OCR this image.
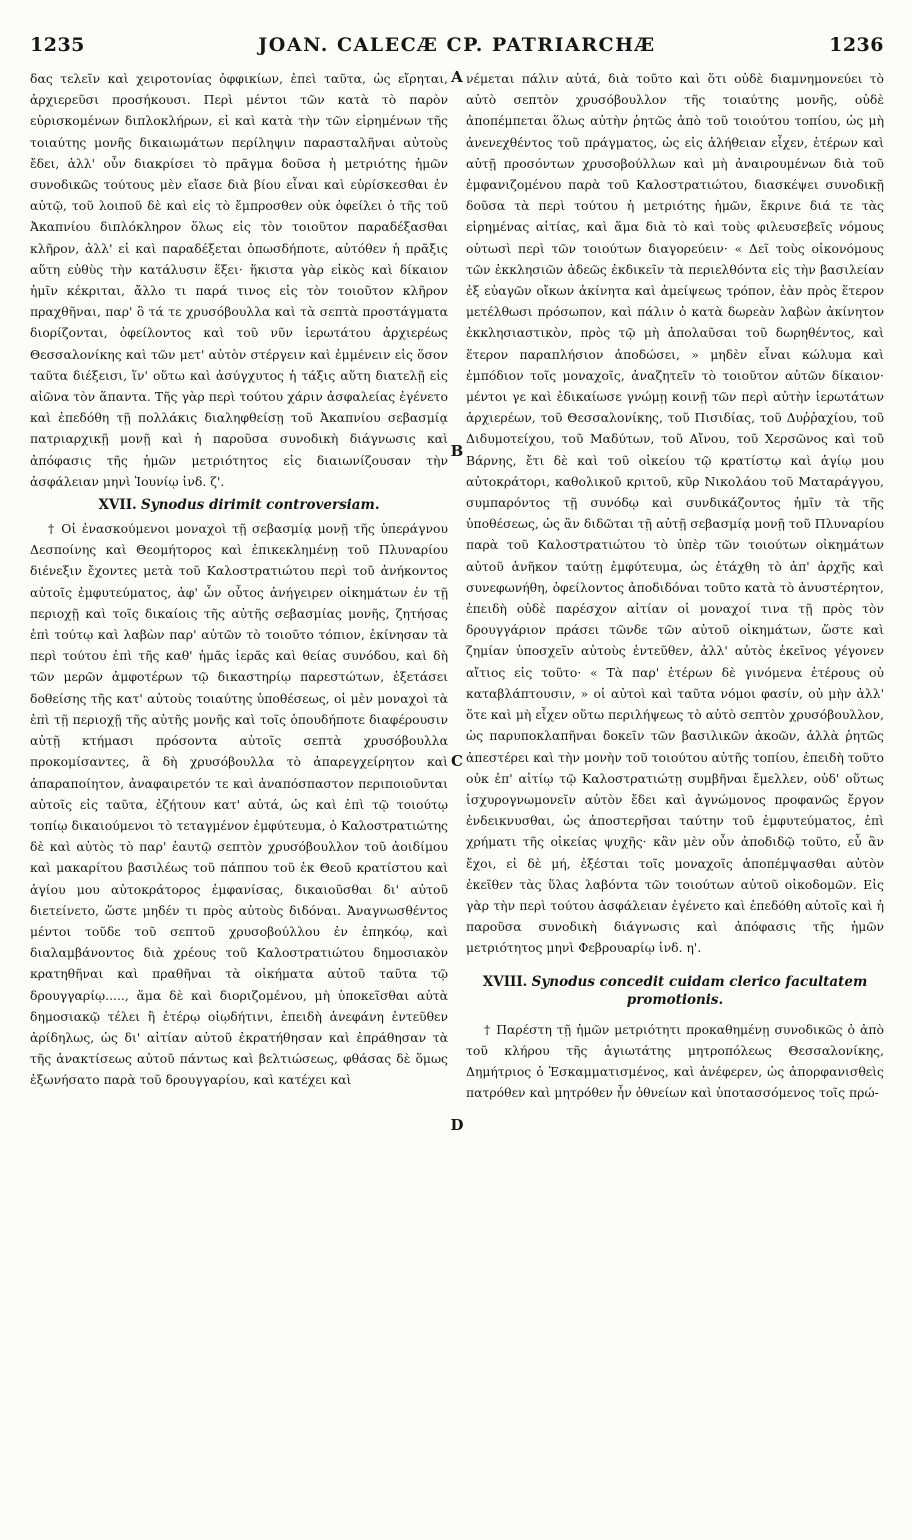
1235	JOAN. CALECÆ CP. PATRIARCHÆ	1236
A
B
C
D

δας τελεῖν καὶ χειροτονίας ὀφφικίων, ἐπεὶ ταῦτα, ὡς εἴρηται, ἀρχιερεῦσι προσήκουσι. Περὶ μέντοι τῶν κατὰ τὸ παρὸν εὑρισκομένων διπλοκλήρων, εἰ καὶ κατὰ τὴν τῶν εἰρημένων τῆς τοιαύτης μονῆς δικαιωμάτων περίληψιν παρασταλῆναι αὐτοὺς ἔδει, ἀλλ' οὖν διακρίσει τὸ πρᾶγμα δοῦσα ἡ μετριότης ἡμῶν συνοδικῶς τούτους μὲν εἴασε διὰ βίου εἶναι καὶ εὑρίσκεσθαι ἐν αὐτῷ, τοῦ λοιποῦ δὲ καὶ εἰς τὸ ἔμπροσθεν οὐκ ὀφείλει ὁ τῆς τοῦ Ἀκαπνίου διπλόκληρον ὅλως εἰς τὸν τοιοῦτον παραδέξασθαι κλῆρον, ἀλλ' εἰ καὶ παραδέξεται ὁπωσδήποτε, αὐτόθεν ἡ πρᾶξις αὕτη εὐθὺς τὴν κατάλυσιν ἕξει· ἥκιστα γὰρ εἰκὸς καὶ δίκαιον ἡμῖν κέκριται, ἄλλο τι παρά τινος εἰς τὸν τοιοῦτον κλῆρον πραχθῆναι, παρ' ὃ τά τε χρυσόβουλλα καὶ τὰ σεπτὰ προστάγματα διορίζονται, ὀφείλοντος καὶ τοῦ νῦν ἱερωτάτου ἀρχιερέως Θεσσαλονίκης καὶ τῶν μετ' αὐτὸν στέργειν καὶ ἐμμένειν εἰς ὅσον ταῦτα διέξεισι, ἵν' οὕτω καὶ ἀσύγχυτος ἡ τάξις αὕτη διατελῇ εἰς αἰῶνα τὸν ἅπαντα. Τῆς γὰρ περὶ τούτου χάριν ἀσφαλείας ἐγένετο καὶ ἐπεδόθη τῇ πολλάκις διαληφθείσῃ τοῦ Ἀκαπνίου σεβασμίᾳ πατριαρχικῇ μονῇ καὶ ἡ παροῦσα συνοδικὴ διάγνωσις καὶ ἀπόφασις τῆς ἡμῶν μετριότητος εἰς διαιωνίζουσαν τὴν ἀσφάλειαν μηνὶ Ἰουνίῳ ἰνδ. ζ'.

XVII. Synodus dirimit controversiam.

† Οἱ ἐνασκούμενοι μοναχοὶ τῇ σεβασμίᾳ μονῇ τῆς ὑπεράγνου Δεσποίνης καὶ Θεομήτορος καὶ ἐπικεκλημένῃ τοῦ Πλυναρίου διένεξιν ἔχοντες μετὰ τοῦ Καλοστρατιώτου περὶ τοῦ ἀνήκοντος αὐτοῖς ἐμφυτεύματος, ἀφ' ὧν οὗτος ἀνήγειρεν οἰκημάτων ἐν τῇ περιοχῇ καὶ τοῖς δικαίοις τῆς αὐτῆς σεβασμίας μονῆς, ζητήσας ἐπὶ τούτῳ καὶ λαβὼν παρ' αὐτῶν τὸ τοιοῦτο τόπιον, ἐκίνησαν τὰ περὶ τούτου ἐπὶ τῆς καθ' ἡμᾶς ἱερᾶς καὶ θείας συνόδου, καὶ δὴ τῶν μερῶν ἀμφοτέρων τῷ δικαστηρίῳ παρεστώτων, ἐξετάσει δοθείσης τῆς κατ' αὐτοὺς τοιαύτης ὑποθέσεως, οἱ μὲν μοναχοὶ τὰ ἐπὶ τῇ περιοχῇ τῆς αὐτῆς μονῆς καὶ τοῖς ὁπουδήποτε διαφέρουσιν αὐτῇ κτήμασι πρόσοντα αὐτοῖς σεπτὰ χρυσόβουλλα προκομίσαντες, ἃ δὴ χρυσόβουλλα τὸ ἀπαρεγχείρητον καὶ ἀπαραποίητον, ἀναφαιρετόν τε καὶ ἀναπόσπαστον περιποιοῦνται αὐτοῖς εἰς ταῦτα, ἐζήτουν κατ' αὐτά, ὡς καὶ ἐπὶ τῷ τοιούτῳ τοπίῳ δικαιούμενοι τὸ τεταγμένον ἐμφύτευμα, ὁ Καλοστρατιώτης δὲ καὶ αὐτὸς τὸ παρ' ἑαυτῷ σεπτὸν χρυσόβουλλον τοῦ ἀοιδίμου καὶ μακαρίτου βασιλέως τοῦ πάππου τοῦ ἐκ Θεοῦ κρατίστου καὶ ἁγίου μου αὐτοκράτορος ἐμφανίσας, δικαιοῦσθαι δι' αὐτοῦ διετείνετο, ὥστε μηδέν τι πρὸς αὐτοὺς διδόναι. Ἀναγνωσθέντος μέντοι τοῦδε τοῦ σεπτοῦ χρυσοβούλλου ἐν ἐπηκόῳ, καὶ διαλαμβάνοντος διὰ χρέους τοῦ Καλοστρατιώτου δημοσιακὸν κρατηθῆναι καὶ πραθῆναι τὰ οἰκήματα αὐτοῦ ταῦτα τῷ δρουγγαρίῳ....., ἅμα δὲ καὶ διοριζομένου, μὴ ὑποκεῖσθαι αὐτὰ δημοσιακῷ τέλει ἢ ἑτέρῳ οἱῳδήτινι, ἐπειδὴ ἀνεφάνη ἐντεῦθεν ἀρίδηλως, ὡς δι' αἰτίαν αὐτοῦ ἐκρατήθησαν καὶ ἐπράθησαν τὰ τῆς ἀνακτίσεως αὐτοῦ πάντως καὶ βελτιώσεως, φθάσας δὲ ὅμως ἐξωνήσατο παρὰ τοῦ δρουγγαρίου, καὶ κατέχει καὶ

νέμεται πάλιν αὐτά, διὰ τοῦτο καὶ ὅτι οὐδὲ διαμνημονεύει τὸ αὐτὸ σεπτὸν χρυσόβουλλον τῆς τοιαύτης μονῆς, οὐδὲ ἀποπέμπεται ὅλως αὐτὴν ῥητῶς ἀπὸ τοῦ τοιούτου τοπίου, ὡς μὴ ἀνενεχθέντος τοῦ πράγματος, ὡς εἰς ἀλήθειαν εἶχεν, ἑτέρων καὶ αὐτῇ προσόντων χρυσοβούλλων καὶ μὴ ἀναιρουμένων διὰ τοῦ ἐμφανιζομένου παρὰ τοῦ Καλοστρατιώτου, διασκέψει συνοδικῇ δοῦσα τὰ περὶ τούτου ἡ μετριότης ἡμῶν, ἔκρινε διά τε τὰς εἰρημένας αἰτίας, καὶ ἅμα διὰ τὸ καὶ τοὺς φιλευσεβεῖς νόμους οὑτωσὶ περὶ τῶν τοιούτων διαγορεύειν· « Δεῖ τοὺς οἰκονόμους τῶν ἐκκλησιῶν ἀδεῶς ἐκδικεῖν τὰ περιελθόντα εἰς τὴν βασιλείαν ἐξ εὐαγῶν οἴκων ἀκίνητα καὶ ἀμείψεως τρόπον, ἐὰν πρὸς ἕτερον μετέλθωσι πρόσωπον, καὶ πάλιν ὁ κατὰ δωρεὰν λαβὼν ἀκίνητον ἐκκλησιαστικὸν, πρὸς τῷ μὴ ἀπολαῦσαι τοῦ δωρηθέντος, καὶ ἕτερον παραπλήσιον ἀποδώσει, » μηδὲν εἶναι κώλυμα καὶ ἐμπόδιον τοῖς μοναχοῖς, ἀναζητεῖν τὸ τοιοῦτον αὐτῶν δίκαιον· μέντοι γε καὶ ἐδικαίωσε γνώμῃ κοινῇ τῶν περὶ αὐτὴν ἱερωτάτων ἀρχιερέων, τοῦ Θεσσαλονίκης, τοῦ Πισιδίας, τοῦ Δυῤῥαχίου, τοῦ Διδυμοτείχου, τοῦ Μαδύτων, τοῦ Αἴνου, τοῦ Χερσῶνος καὶ τοῦ Βάρνης, ἔτι δὲ καὶ τοῦ οἰκείου τῷ κρατίστῳ καὶ ἁγίῳ μου αὐτοκράτορι, καθολικοῦ κριτοῦ, κῦρ Νικολάου τοῦ Ματαράγγου, συμπαρόντος τῇ συνόδῳ καὶ συνδικάζοντος ἡμῖν τὰ τῆς ὑποθέσεως, ὡς ἂν διδῶται τῇ αὐτῇ σεβασμίᾳ μονῇ τοῦ Πλυναρίου παρὰ τοῦ Καλοστρατιώτου τὸ ὑπὲρ τῶν τοιούτων οἰκημάτων αὐτοῦ ἀνῆκον ταύτῃ ἐμφύτευμα, ὡς ἐτάχθη τὸ ἀπ' ἀρχῆς καὶ συνεφωνήθη, ὀφείλοντος ἀποδιδόναι τοῦτο κατὰ τὸ ἀνυστέρητον, ἐπειδὴ οὐδὲ παρέσχον αἰτίαν οἱ μοναχοί τινα τῇ πρὸς τὸν δρουγγάριον πράσει τῶνδε τῶν αὐτοῦ οἰκημάτων, ὥστε καὶ ζημίαν ὑποσχεῖν αὐτοὺς ἐντεῦθεν, ἀλλ' αὐτὸς ἐκεῖνος γέγονεν αἴτιος εἰς τοῦτο· « Τὰ παρ' ἑτέρων δὲ γινόμενα ἑτέρους οὐ καταβλάπτουσιν, » οἱ αὐτοὶ καὶ ταῦτα νόμοι φασίν, οὐ μὴν ἀλλ' ὅτε καὶ μὴ εἶχεν οὕτω περιλήψεως τὸ αὐτὸ σεπτὸν χρυσόβουλλον, ὡς παρυποκλαπῆναι δοκεῖν τῶν βασιλικῶν ἀκοῶν, ἀλλὰ ῥητῶς ἀπεστέρει καὶ τὴν μονὴν τοῦ τοιούτου αὐτῆς τοπίου, ἐπειδὴ τοῦτο οὐκ ἐπ' αἰτίῳ τῷ Καλοστρατιώτῃ συμβῆναι ἔμελλεν, οὐδ' οὕτως ἰσχυρογνωμονεῖν αὐτὸν ἔδει καὶ ἀγνώμονος προφανῶς ἔργον ἐνδεικνυσθαι, ὡς ἀποστερῆσαι ταύτην τοῦ ἐμφυτεύματος, ἐπὶ χρήματι τῆς οἰκείας ψυχῆς· κἂν μὲν οὖν ἀποδιδῷ τοῦτο, εὖ ἂν ἔχοι, εἰ δὲ μή, ἐξέσται τοῖς μοναχοῖς ἀποπέμψασθαι αὐτὸν ἐκεῖθεν τὰς ὕλας λαβόντα τῶν τοιούτων αὐτοῦ οἰκοδομῶν. Εἰς γὰρ τὴν περὶ τούτου ἀσφάλειαν ἐγένετο καὶ ἐπεδόθη αὐτοῖς καὶ ἡ παροῦσα συνοδικὴ διάγνωσις καὶ ἀπόφασις τῆς ἡμῶν μετριότητος μηνὶ Φεβρουαρίῳ ἰνδ. η'.

XVIII. Synodus concedit cuidam clerico facultatem promotionis.

† Παρέστη τῇ ἡμῶν μετριότητι προκαθημένῃ συνοδικῶς ὁ ἀπὸ τοῦ κλήρου τῆς ἁγιωτάτης μητροπόλεως Θεσσαλονίκης, Δημήτριος ὁ Ἐσκαμματισμένος, καὶ ἀνέφερεν, ὡς ἀπορφανισθεὶς πατρόθεν καὶ μητρόθεν ἦν ὀθνείων καὶ ὑποτασσόμενος τοῖς πρώ-
